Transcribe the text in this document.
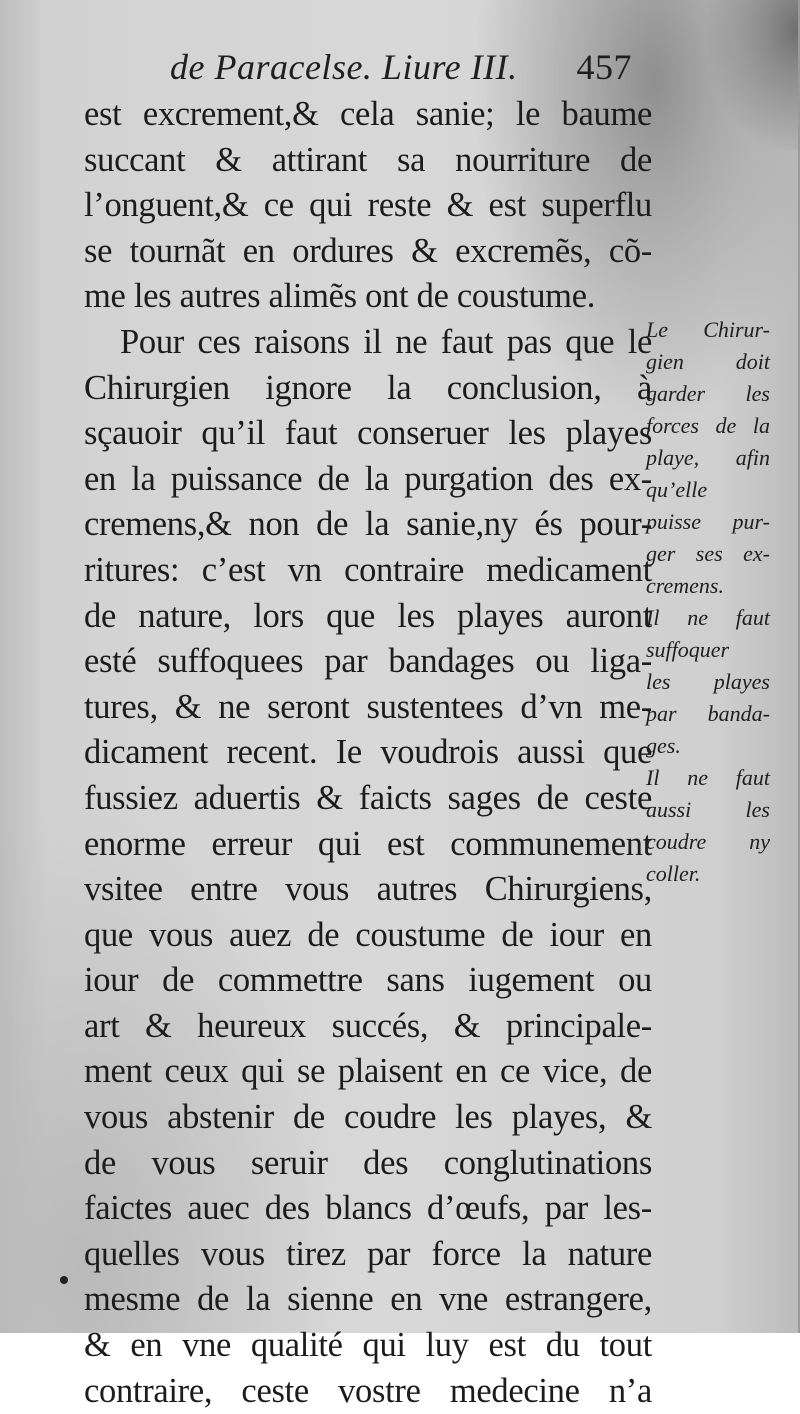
de Paracelse. Liure III. 457
est excrement,& cela sanie; le baume
succant & attirant sa nourriture de
l’onguent,& ce qui reste & est superflu
se tournãt en ordures & excremẽs, cõ-
me les autres alimẽs ont de coustume.
Pour ces raisons il ne faut pas que le
Chirurgien ignore la conclusion, à
sçauoir qu’il faut conseruer les playes
en la puissance de la purgation des ex-
cremens,& non de la sanie,ny és pour-
ritures: c’est vn contraire medicament
de nature, lors que les playes auront
esté suffoquees par bandages ou liga-
tures, & ne seront sustentees d’vn me-
dicament recent. Ie voudrois aussi que
fussiez aduertis & faicts sages de ceste
enorme erreur qui est communement
vsitee entre vous autres Chirurgiens,
que vous auez de coustume de iour en
iour de commettre sans iugement ou
art & heureux succés, & principale-
ment ceux qui se plaisent en ce vice, de
vous abstenir de coudre les playes, &
de vous seruir des conglutinations
faictes auec des blancs d’œufs, par les-
quelles vous tirez par force la nature
mesme de la sienne en vne estrangere,
& en vne qualité qui luy est du tout
contraire, ceste vostre medecine n’a
Le Chirur-
gien doit
garder les
forces de la
playe, afin
qu’elle
puisse pur-
ger ses ex-
cremens.
Il ne faut
suffoquer
les playes
par banda-
ges.
Il ne faut
aussi les
coudre ny
coller.
